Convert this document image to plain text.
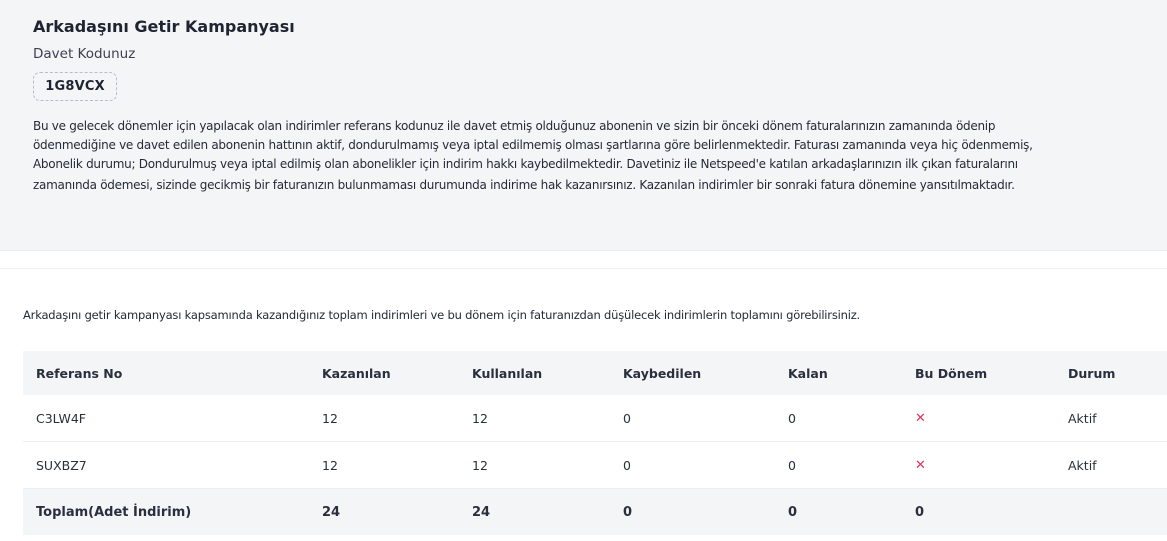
Arkadaşını Getir Kampanyası
Davet Kodunuz
1G8VCX
Bu ve gelecek dönemler için yapılacak olan indirimler referans kodunuz ile davet etmiş olduğunuz abonenin ve sizin bir önceki dönem faturalarınızın zamanında ödenip
ödenmediğine ve davet edilen abonenin hattının aktif, dondurulmamış veya iptal edilmemiş olması şartlarına göre belirlenmektedir. Faturası zamanında veya hiç ödenmemiş,
Abonelik durumu; Dondurulmuş veya iptal edilmiş olan abonelikler için indirim hakkı kaybedilmektedir. Davetiniz ile Netspeed'e katılan arkadaşlarınızın ilk çıkan faturalarını
zamanında ödemesi, sizinde gecikmiş bir faturanızın bulunmaması durumunda indirime hak kazanırsınız. Kazanılan indirimler bir sonraki fatura dönemine yansıtılmaktadır.
Arkadaşını getir kampanyası kapsamında kazandığınız toplam indirimleri ve bu dönem için faturanızdan düşülecek indirimlerin toplamını görebilirsiniz.
Referans No	Kazanılan	Kullanılan	Kaybedilen	Kalan	Bu Dönem	Durum
C3LW4F	12	12	0	0	✕	Aktif
SUXBZ7	12	12	0	0	✕	Aktif
Toplam(Adet İndirim)	24	24	0	0	0
